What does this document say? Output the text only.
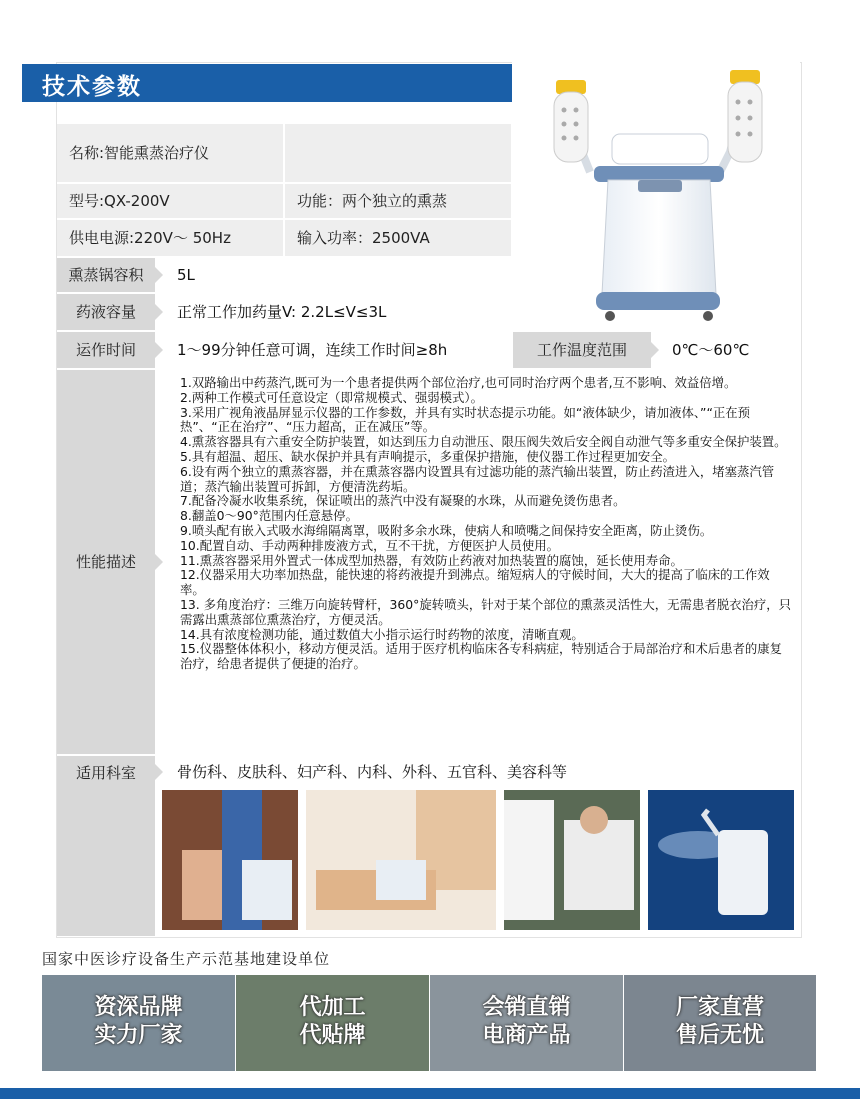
技术参数
名称:智能熏蒸治疗仪
型号:QX-200V	功能：两个独立的熏蒸
供电电源:220V～ 50Hz	输入功率：2500VA
熏蒸锅容积 5L
药液容量	正常工作加药量V: 2.2L≤V≤3L
运作时间	1～99分钟任意可调，连续工作时间≥8h	工作温度范围	0℃～60℃
性能描述

1.双路输出中药蒸汽,既可为一个患者提供两个部位治疗,也可同时治疗两个患者,互不影响、效益倍增。

2.两种工作模式可任意设定（即常规模式、强弱模式）。

3.采用广视角液晶屏显示仪器的工作参数，并具有实时状态提示功能。如“液体缺少，请加液体、”“正在预热”、“正在治疗”、“压力超高，正在减压”等。

4.熏蒸容器具有六重安全防护装置，如达到压力自动泄压、限压阀失效后安全阀自动泄气等多重安全保护装置。

5.具有超温、超压、缺水保护并具有声响提示，多重保护措施，使仪器工作过程更加安全。

6.设有两个独立的熏蒸容器，并在熏蒸容器内设置具有过滤功能的蒸汽输出装置，防止药渣进入，堵塞蒸汽管道；蒸汽输出装置可拆卸，方便清洗药垢。

7.配备冷凝水收集系统，保证喷出的蒸汽中没有凝聚的水珠，从而避免烫伤患者。

8.翻盖0～90°范围内任意悬停。

9.喷头配有嵌入式吸水海绵隔离罩，吸附多余水珠，使病人和喷嘴之间保持安全距离，防止烫伤。

10.配置自动、手动两种排废液方式，互不干扰，方便医护人员使用。

11.熏蒸容器采用外置式一体成型加热器，有效防止药液对加热装置的腐蚀，延长使用寿命。

12.仪器采用大功率加热盘，能快速的将药液提升到沸点。缩短病人的守候时间，大大的提高了临床的工作效率。

13. 多角度治疗：三维万向旋转臂杆，360°旋转喷头，针对于某个部位的熏蒸灵活性大，无需患者脱衣治疗，只需露出熏蒸部位熏蒸治疗，方便灵活。

14.具有浓度检测功能，通过数值大小指示运行时药物的浓度，清晰直观。

15.仪器整体体积小，移动方便灵活。适用于医疗机构临床各专科病症，特别适合于局部治疗和术后患者的康复治疗，给患者提供了便捷的治疗。

适用科室	骨伤科、皮肤科、妇产科、内科、外科、五官科、美容科等
国家中医诊疗设备生产示范基地建设单位
资深品牌
实力厂家
代加工
代贴牌
会销直销
电商产品
厂家直营
售后无忧
